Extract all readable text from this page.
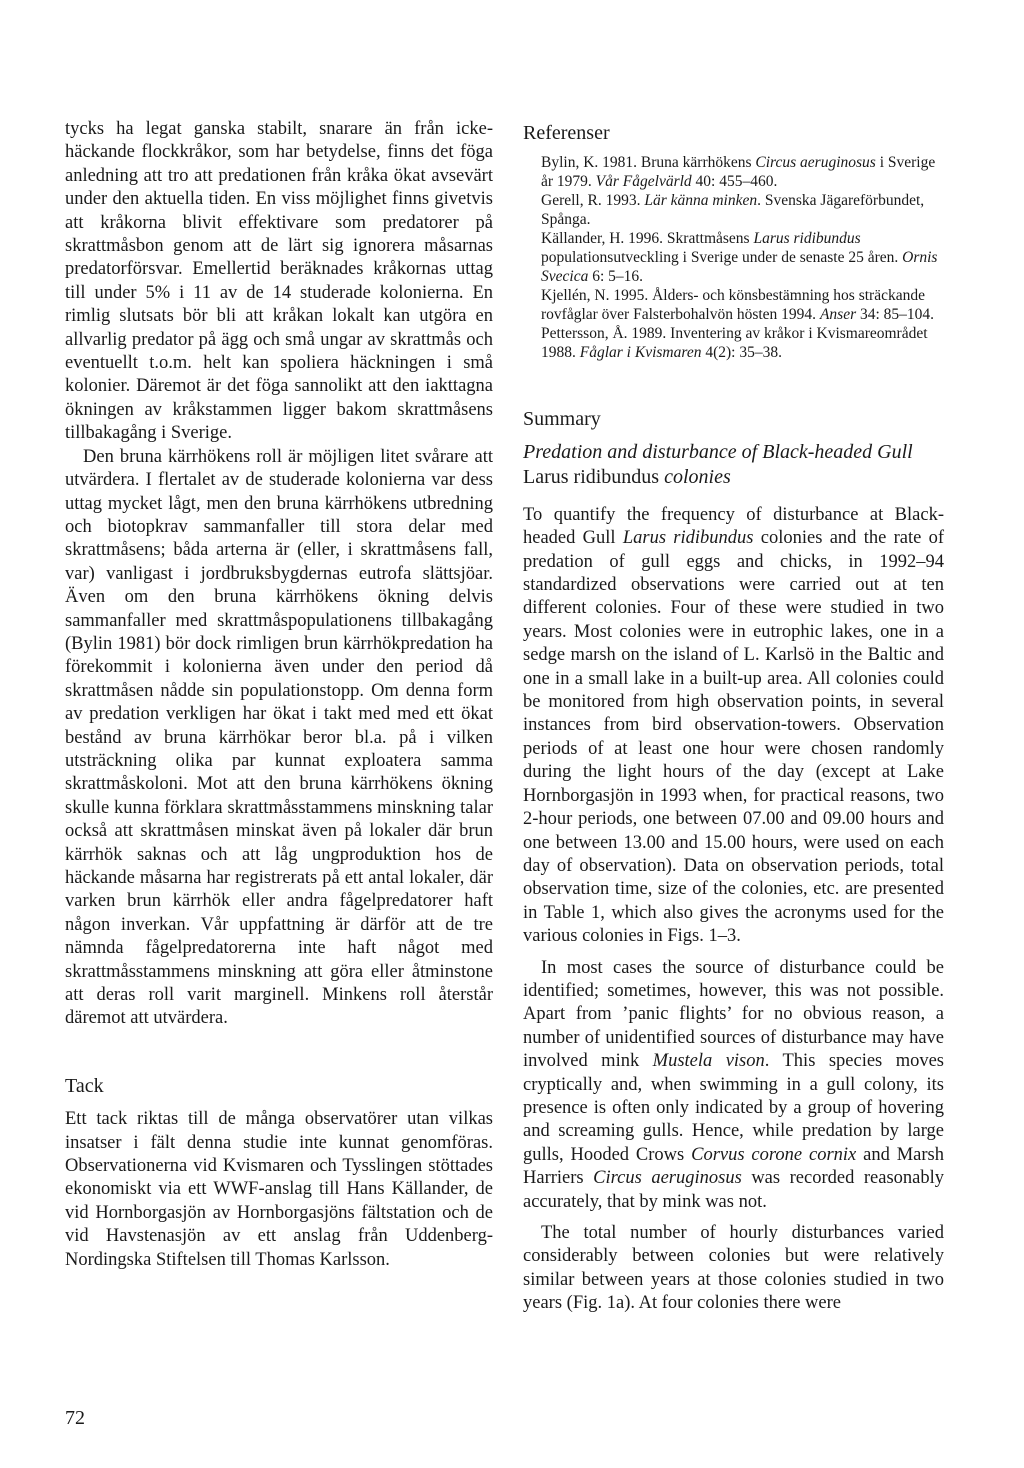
tycks ha legat ganska stabilt, snarare än från icke-häckande flockkråkor, som har betydelse, finns det föga anledning att tro att predationen från kråka ökat avsevärt under den aktuella tiden. En viss möjlighet finns givetvis att kråkorna blivit effektivare som predatorer på skrattmåsbon genom att de lärt sig ignorera måsarnas predatorförsvar. Emellertid beräknades kråkornas uttag till under 5% i 11 av de 14 studerade kolonierna. En rimlig slutsats bör bli att kråkan lokalt kan utgöra en allvarlig predator på ägg och små ungar av skrattmås och eventuellt t.o.m. helt kan spoliera häckningen i små kolonier. Däremot är det föga sannolikt att den iakttagna ökningen av kråkstammen ligger bakom skrattmåsens tillbakagång i Sverige.

Den bruna kärrhökens roll är möjligen litet svårare att utvärdera. I flertalet av de studerade kolonierna var dess uttag mycket lågt, men den bruna kärrhökens utbredning och biotopkrav sammanfaller till stora delar med skrattmåsens; båda arterna är (eller, i skrattmåsens fall, var) vanligast i jordbruksbygdernas eutrofa slättsjöar. Även om den bruna kärrhökens ökning delvis sammanfaller med skrattmåspopulationens tillbakagång (Bylin 1981) bör dock rimligen brun kärrhökpredation ha förekommit i kolonierna även under den period då skrattmåsen nådde sin populationstopp. Om denna form av predation verkligen har ökat i takt med med ett ökat bestånd av bruna kärrhökar beror bl.a. på i vilken utsträckning olika par kunnat exploatera samma skrattmåskoloni. Mot att den bruna kärrhökens ökning skulle kunna förklara skrattmåsstammens minskning talar också att skrattmåsen minskat även på lokaler där brun kärrhök saknas och att låg ungproduktion hos de häckande måsarna har registrerats på ett antal lokaler, där varken brun kärrhök eller andra fågelpredatorer haft någon inverkan. Vår uppfattning är därför att de tre nämnda fågelpredatorerna inte haft något med skrattmåsstammens minskning att göra eller åtminstone att deras roll varit marginell. Minkens roll återstår däremot att utvärdera.

Tack

Ett tack riktas till de många observatörer utan vilkas insatser i fält denna studie inte kunnat genomföras. Observationerna vid Kvismaren och Tysslingen stöttades ekonomiskt via ett WWF-anslag till Hans Källander, de vid Hornborgasjön av Hornborgasjöns fältstation och de vid Havstenasjön av ett anslag från Uddenberg-Nordingska Stiftelsen till Thomas Karlsson.

Referenser

Bylin, K. 1981. Bruna kärrhökens Circus aeruginosus i Sverige år 1979. Vår Fågelvärld 40: 455–460.

Gerell, R. 1993. Lär känna minken. Svenska Jägareförbundet, Spånga.

Källander, H. 1996. Skrattmåsens Larus ridibundus populationsutveckling i Sverige under de senaste 25 åren. Ornis Svecica 6: 5–16.

Kjellén, N. 1995. Ålders- och könsbestämning hos sträckande rovfåglar över Falsterbohalvön hösten 1994. Anser 34: 85–104.

Pettersson, Å. 1989. Inventering av kråkor i Kvismareområdet 1988. Fåglar i Kvismaren 4(2): 35–38.

Summary
Predation and disturbance of Black-headed Gull
Larus ridibundus colonies

To quantify the frequency of disturbance at Black-headed Gull Larus ridibundus colonies and the rate of predation of gull eggs and chicks, in 1992–94 standardized observations were carried out at ten different colonies. Four of these were studied in two years. Most colonies were in eutrophic lakes, one in a sedge marsh on the island of L. Karlsö in the Baltic and one in a small lake in a built-up area. All colonies could be monitored from high observation points, in several instances from bird observation-towers. Observation periods of at least one hour were chosen randomly during the light hours of the day (except at Lake Hornborgasjön in 1993 when, for practical reasons, two 2-hour periods, one between 07.00 and 09.00 hours and one between 13.00 and 15.00 hours, were used on each day of observation). Data on observation periods, total observation time, size of the colonies, etc. are presented in Table 1, which also gives the acronyms used for the various colonies in Figs. 1–3.

In most cases the source of disturbance could be identified; sometimes, however, this was not possible. Apart from ’panic flights’ for no obvious reason, a number of unidentified sources of disturbance may have involved mink Mustela vison. This species moves cryptically and, when swimming in a gull colony, its presence is often only indicated by a group of hovering and screaming gulls. Hence, while predation by large gulls, Hooded Crows Corvus corone cornix and Marsh Harriers Circus aeruginosus was recorded reasonably accurately, that by mink was not.

The total number of hourly disturbances varied considerably between colonies but were relatively similar between years at those colonies studied in two years (Fig. 1a). At four colonies there were

72
